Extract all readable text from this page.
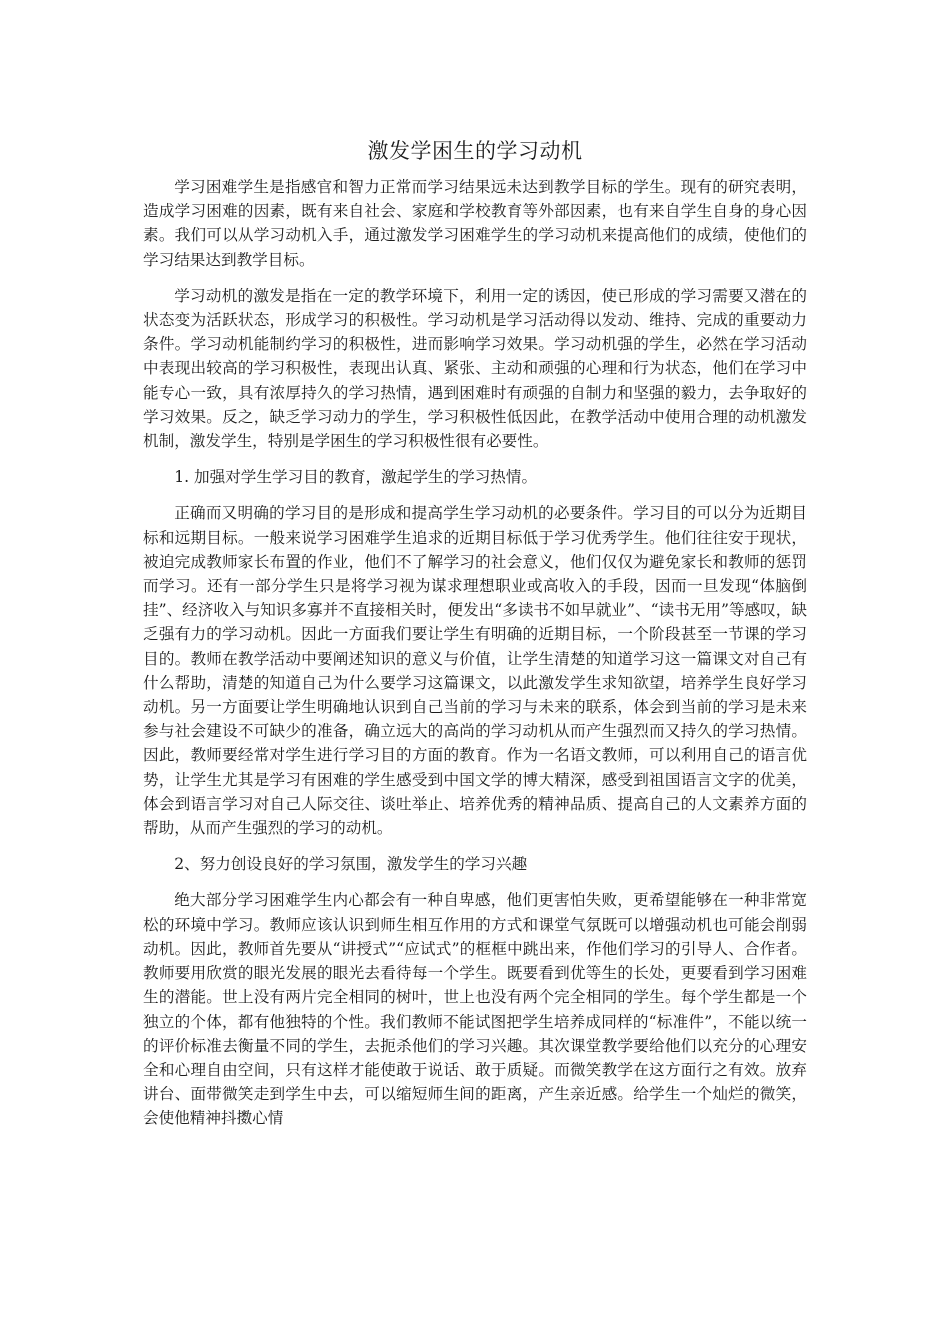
激发学困生的学习动机

学习困难学生是指感官和智力正常而学习结果远未达到教学目标的学生。现有的研究表明，造成学习困难的因素，既有来自社会、家庭和学校教育等外部因素，也有来自学生自身的身心因素。我们可以从学习动机入手，通过激发学习困难学生的学习动机来提高他们的成绩，使他们的学习结果达到教学目标。

学习动机的激发是指在一定的教学环境下，利用一定的诱因，使已形成的学习需要又潜在的状态变为活跃状态，形成学习的积极性。学习动机是学习活动得以发动、维持、完成的重要动力条件。学习动机能制约学习的积极性，进而影响学习效果。学习动机强的学生，必然在学习活动中表现出较高的学习积极性，表现出认真、紧张、主动和顽强的心理和行为状态，他们在学习中能专心一致，具有浓厚持久的学习热情，遇到困难时有顽强的自制力和坚强的毅力，去争取好的学习效果。反之，缺乏学习动力的学生，学习积极性低因此，在教学活动中使用合理的动机激发机制，激发学生，特别是学困生的学习积极性很有必要性。

1. 加强对学生学习目的教育，激起学生的学习热情。

正确而又明确的学习目的是形成和提高学生学习动机的必要条件。学习目的可以分为近期目标和远期目标。一般来说学习困难学生追求的近期目标低于学习优秀学生。他们往往安于现状，被迫完成教师家长布置的作业，他们不了解学习的社会意义，他们仅仅为避免家长和教师的惩罚而学习。还有一部分学生只是将学习视为谋求理想职业或高收入的手段，因而一旦发现“体脑倒挂”、经济收入与知识多寡并不直接相关时，便发出“多读书不如早就业”、“读书无用”等感叹，缺乏强有力的学习动机。因此一方面我们要让学生有明确的近期目标，一个阶段甚至一节课的学习目的。教师在教学活动中要阐述知识的意义与价值，让学生清楚的知道学习这一篇课文对自己有什么帮助，清楚的知道自己为什么要学习这篇课文，以此激发学生求知欲望，培养学生良好学习动机。另一方面要让学生明确地认识到自己当前的学习与未来的联系，体会到当前的学习是未来参与社会建设不可缺少的准备，确立远大的高尚的学习动机从而产生强烈而又持久的学习热情。因此，教师要经常对学生进行学习目的方面的教育。作为一名语文教师，可以利用自己的语言优势，让学生尤其是学习有困难的学生感受到中国文学的博大精深，感受到祖国语言文字的优美，体会到语言学习对自己人际交往、谈吐举止、培养优秀的精神品质、提高自己的人文素养方面的帮助，从而产生强烈的学习的动机。

2、努力创设良好的学习氛围，激发学生的学习兴趣

绝大部分学习困难学生内心都会有一种自卑感，他们更害怕失败，更希望能够在一种非常宽松的环境中学习。教师应该认识到师生相互作用的方式和课堂气氛既可以增强动机也可能会削弱动机。因此，教师首先要从“讲授式”“应试式”的框框中跳出来，作他们学习的引导人、合作者。教师要用欣赏的眼光发展的眼光去看待每一个学生。既要看到优等生的长处，更要看到学习困难生的潜能。世上没有两片完全相同的树叶，世上也没有两个完全相同的学生。每个学生都是一个独立的个体，都有他独特的个性。我们教师不能试图把学生培养成同样的“标准件”，不能以统一的评价标准去衡量不同的学生，去扼杀他们的学习兴趣。其次课堂教学要给他们以充分的心理安全和心理自由空间，只有这样才能使敢于说话、敢于质疑。而微笑教学在这方面行之有效。放弃讲台、面带微笑走到学生中去，可以缩短师生间的距离，产生亲近感。给学生一个灿烂的微笑，会使他精神抖擞心情
